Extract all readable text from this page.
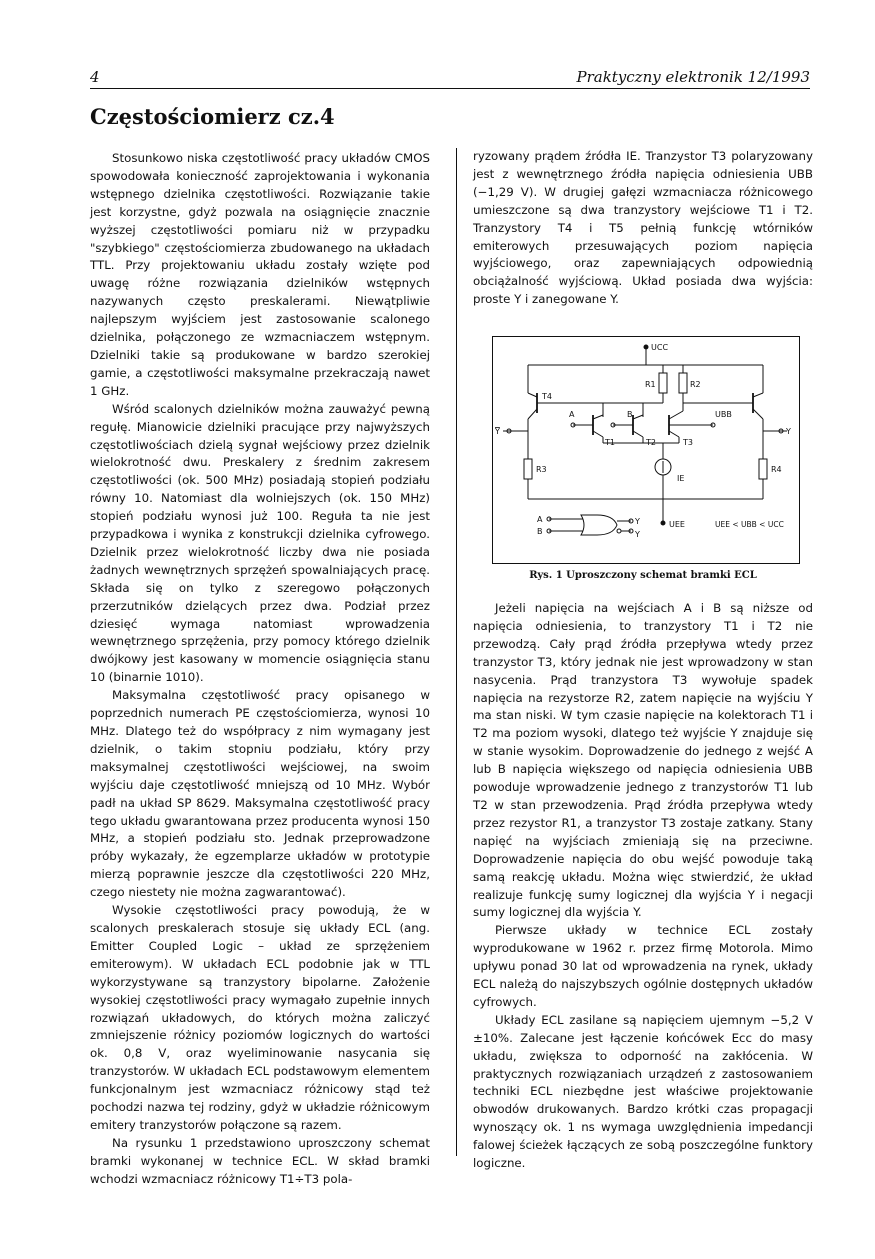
4	Praktyczny elektronik 12/1993
Częstościomierz cz.4

Stosunkowo niska częstotliwość pracy układów CMOS spowodowała konieczność zaprojektowania i wykonania wstępnego dzielnika częstotliwości. Rozwiązanie takie jest korzystne, gdyż pozwala na osiągnięcie znacznie wyższej częstotliwości pomiaru niż w przypadku "szybkiego" częstościomierza zbudowanego na układach TTL. Przy projektowaniu układu zostały wzięte pod uwagę różne rozwiązania dzielników wstępnych nazywanych często preskalerami. Niewątpliwie najlepszym wyjściem jest zastosowanie scalonego dzielnika, połączonego ze wzmacniaczem wstępnym. Dzielniki takie są produkowane w bardzo szerokiej gamie, a częstotliwości maksymalne przekraczają nawet 1 GHz.

Wśród scalonych dzielników można zauważyć pewną regułę. Mianowicie dzielniki pracujące przy najwyższych częstotliwościach dzielą sygnał wejściowy przez dzielnik wielokrotność dwu. Preskalery z średnim zakresem częstotliwości (ok. 500 MHz) posiadają stopień podziału równy 10. Natomiast dla wolniejszych (ok. 150 MHz) stopień podziału wynosi już 100. Reguła ta nie jest przypadkowa i wynika z konstrukcji dzielnika cyfrowego. Dzielnik przez wielokrotność liczby dwa nie posiada żadnych wewnętrznych sprzężeń spowalniających pracę. Składa się on tylko z szeregowo połączonych przerzutników dzielących przez dwa. Podział przez dziesięć wymaga natomiast wprowadzenia wewnętrznego sprzężenia, przy pomocy którego dzielnik dwójkowy jest kasowany w momencie osiągnięcia stanu 10 (binarnie 1010).

Maksymalna częstotliwość pracy opisanego w poprzednich numerach PE częstościomierza, wynosi 10 MHz. Dlatego też do współpracy z nim wymagany jest dzielnik, o takim stopniu podziału, który przy maksymalnej częstotliwości wejściowej, na swoim wyjściu daje częstotliwość mniejszą od 10 MHz. Wybór padł na układ SP 8629. Maksymalna częstotliwość pracy tego układu gwarantowana przez producenta wynosi 150 MHz, a stopień podziału sto. Jednak przeprowadzone próby wykazały, że egzemplarze układów w prototypie mierzą poprawnie jeszcze dla częstotliwości 220 MHz, czego niestety nie można zagwarantować).

Wysokie częstotliwości pracy powodują, że w scalonych preskalerach stosuje się układy ECL (ang. Emitter Coupled Logic – układ ze sprzężeniem emiterowym). W układach ECL podobnie jak w TTL wykorzystywane są tranzystory bipolarne. Założenie wysokiej częstotliwości pracy wymagało zupełnie innych rozwiązań układowych, do których można zaliczyć zmniejszenie różnicy poziomów logicznych do wartości ok. 0,8 V, oraz wyeliminowanie nasycania się tranzystorów. W układach ECL podstawowym elementem funkcjonalnym jest wzmacniacz różnicowy stąd też pochodzi nazwa tej rodziny, gdyż w układzie różnicowym emitery tranzystorów połączone są razem.

Na rysunku 1 przedstawiono uproszczony schemat bramki wykonanej w technice ECL. W skład bramki wchodzi wzmacniacz różnicowy T1÷T3 pola-

ryzowany prądem źródła IE. Tranzystor T3 polaryzowany jest z wewnętrznego źródła napięcia odniesienia UBB (−1,29 V). W drugiej gałęzi wzmacniacza różnicowego umieszczone są dwa tranzystory wejściowe T1 i T2. Tranzystory T4 i T5 pełnią funkcję wtórników emiterowych przesuwających poziom napięcia wyjściowego, oraz zapewniających odpowiednią obciążalność wyjściową. Układ posiada dwa wyjścia: proste Y i zanegowane Y.

UCC
R1	R2
T4
Y
R3
A
T1
B
T2
UBB
T3
IE
Y
R4
UEE
A
B
Y
Y
UEE < UBB < UCC
Rys. 1 Uproszczony schemat bramki ECL

Jeżeli napięcia na wejściach A i B są niższe od napięcia odniesienia, to tranzystory T1 i T2 nie przewodzą. Cały prąd źródła przepływa wtedy przez tranzystor T3, który jednak nie jest wprowadzony w stan nasycenia. Prąd tranzystora T3 wywołuje spadek napięcia na rezystorze R2, zatem napięcie na wyjściu Y ma stan niski. W tym czasie napięcie na kolektorach T1 i T2 ma poziom wysoki, dlatego też wyjście Y znajduje się w stanie wysokim. Doprowadzenie do jednego z wejść A lub B napięcia większego od napięcia odniesienia UBB powoduje wprowadzenie jednego z tranzystorów T1 lub T2 w stan przewodzenia. Prąd źródła przepływa wtedy przez rezystor R1, a tranzystor T3 zostaje zatkany. Stany napięć na wyjściach zmieniają się na przeciwne. Doprowadzenie napięcia do obu wejść powoduje taką samą reakcję układu. Można więc stwierdzić, że układ realizuje funkcję sumy logicznej dla wyjścia Y i negacji sumy logicznej dla wyjścia Y.

Pierwsze układy w technice ECL zostały wyprodukowane w 1962 r. przez firmę Motorola. Mimo upływu ponad 30 lat od wprowadzenia na rynek, układy ECL należą do najszybszych ogólnie dostępnych układów cyfrowych.

Układy ECL zasilane są napięciem ujemnym −5,2 V ±10%. Zalecane jest łączenie końcówek Ecc do masy układu, zwiększa to odporność na zakłócenia. W praktycznych rozwiązaniach urządzeń z zastosowaniem techniki ECL niezbędne jest właściwe projektowanie obwodów drukowanych. Bardzo krótki czas propagacji wynoszący ok. 1 ns wymaga uwzględnienia impedancji falowej ścieżek łączących ze sobą poszczególne funktory logiczne.
